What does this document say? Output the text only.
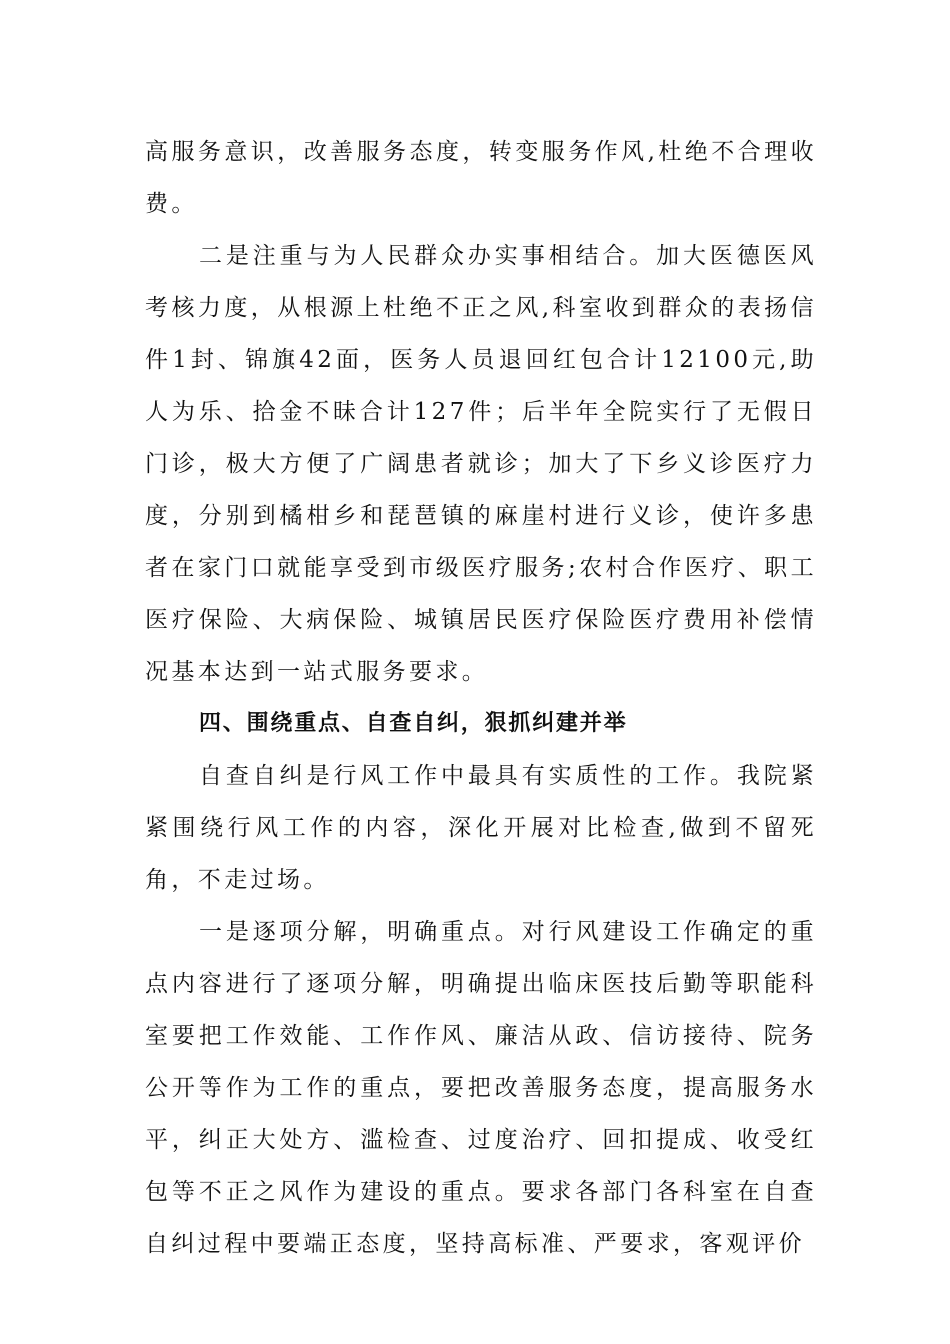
高服务意识，改善服务态度，转变服务作风,杜绝不合理收费。

二是注重与为人民群众办实事相结合。加大医德医风考核力度，从根源上杜绝不正之风,科室收到群众的表扬信件1封、锦旗42面，医务人员退回红包合计12100元,助人为乐、拾金不昧合计127件；后半年全院实行了无假日门诊，极大方便了广阔患者就诊；加大了下乡义诊医疗力度，分别到橘柑乡和琵琶镇的麻崖村进行义诊，使许多患者在家门口就能享受到市级医疗服务;农村合作医疗、职工医疗保险、大病保险、城镇居民医疗保险医疗费用补偿情况基本达到一站式服务要求。

四、围绕重点、自查自纠，狠抓纠建并举

自查自纠是行风工作中最具有实质性的工作。我院紧紧围绕行风工作的内容，深化开展对比检查,做到不留死角，不走过场。

一是逐项分解，明确重点。对行风建设工作确定的重点内容进行了逐项分解，明确提出临床医技后勤等职能科室要把工作效能、工作作风、廉洁从政、信访接待、院务公开等作为工作的重点，要把改善服务态度，提高服务水平，纠正大处方、滥检查、过度治疗、回扣提成、收受红包等不正之风作为建设的重点。要求各部门各科室在自查自纠过程中要端正态度，坚持高标准、严要求，客观评价
